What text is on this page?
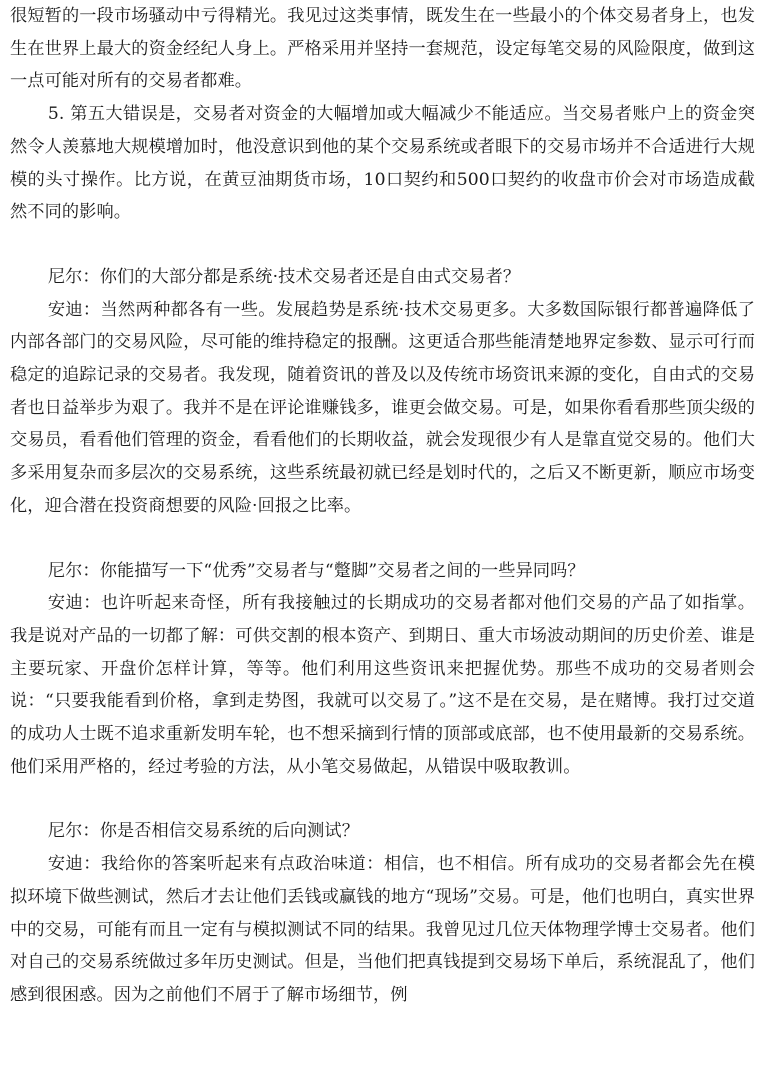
很短暂的一段市场骚动中亏得精光。我见过这类事情，既发生在一些最小的个体交易者身上，也发生在世界上最大的资金经纪人身上。严格采用并坚持一套规范，设定每笔交易的风险限度，做到这一点可能对所有的交易者都难。

5. 第五大错误是，交易者对资金的大幅增加或大幅减少不能适应。当交易者账户上的资金突然令人羡慕地大规模增加时，他没意识到他的某个交易系统或者眼下的交易市场并不合适进行大规模的头寸操作。比方说，在黄豆油期货市场，10口契约和500口契约的收盘市价会对市场造成截然不同的影响。

尼尔：你们的大部分都是系统·技术交易者还是自由式交易者？

安迪：当然两种都各有一些。发展趋势是系统·技术交易更多。大多数国际银行都普遍降低了内部各部门的交易风险，尽可能的维持稳定的报酬。这更适合那些能清楚地界定参数、显示可行而稳定的追踪记录的交易者。我发现，随着资讯的普及以及传统市场资讯来源的变化，自由式的交易者也日益举步为艰了。我并不是在评论谁赚钱多，谁更会做交易。可是，如果你看看那些顶尖级的交易员，看看他们管理的资金，看看他们的长期收益，就会发现很少有人是靠直觉交易的。他们大多采用复杂而多层次的交易系统，这些系统最初就已经是划时代的，之后又不断更新，顺应市场变化，迎合潜在投资商想要的风险·回报之比率。

尼尔：你能描写一下“优秀”交易者与“蹩脚”交易者之间的一些异同吗？

安迪：也许听起来奇怪，所有我接触过的长期成功的交易者都对他们交易的产品了如指掌。我是说对产品的一切都了解：可供交割的根本资产、到期日、重大市场波动期间的历史价差、谁是主要玩家、开盘价怎样计算，等等。他们利用这些资讯来把握优势。那些不成功的交易者则会说：“只要我能看到价格，拿到走势图，我就可以交易了。”这不是在交易，是在赌博。我打过交道的成功人士既不追求重新发明车轮，也不想采摘到行情的顶部或底部，也不使用最新的交易系统。他们采用严格的，经过考验的方法，从小笔交易做起，从错误中吸取教训。

尼尔：你是否相信交易系统的后向测试？

安迪：我给你的答案听起来有点政治味道：相信，也不相信。所有成功的交易者都会先在模拟环境下做些测试，然后才去让他们丢钱或赢钱的地方“现场”交易。可是，他们也明白，真实世界中的交易，可能有而且一定有与模拟测试不同的结果。我曾见过几位天体物理学博士交易者。他们对自己的交易系统做过多年历史测试。但是，当他们把真钱提到交易场下单后，系统混乱了，他们感到很困惑。因为之前他们不屑于了解市场细节，例
